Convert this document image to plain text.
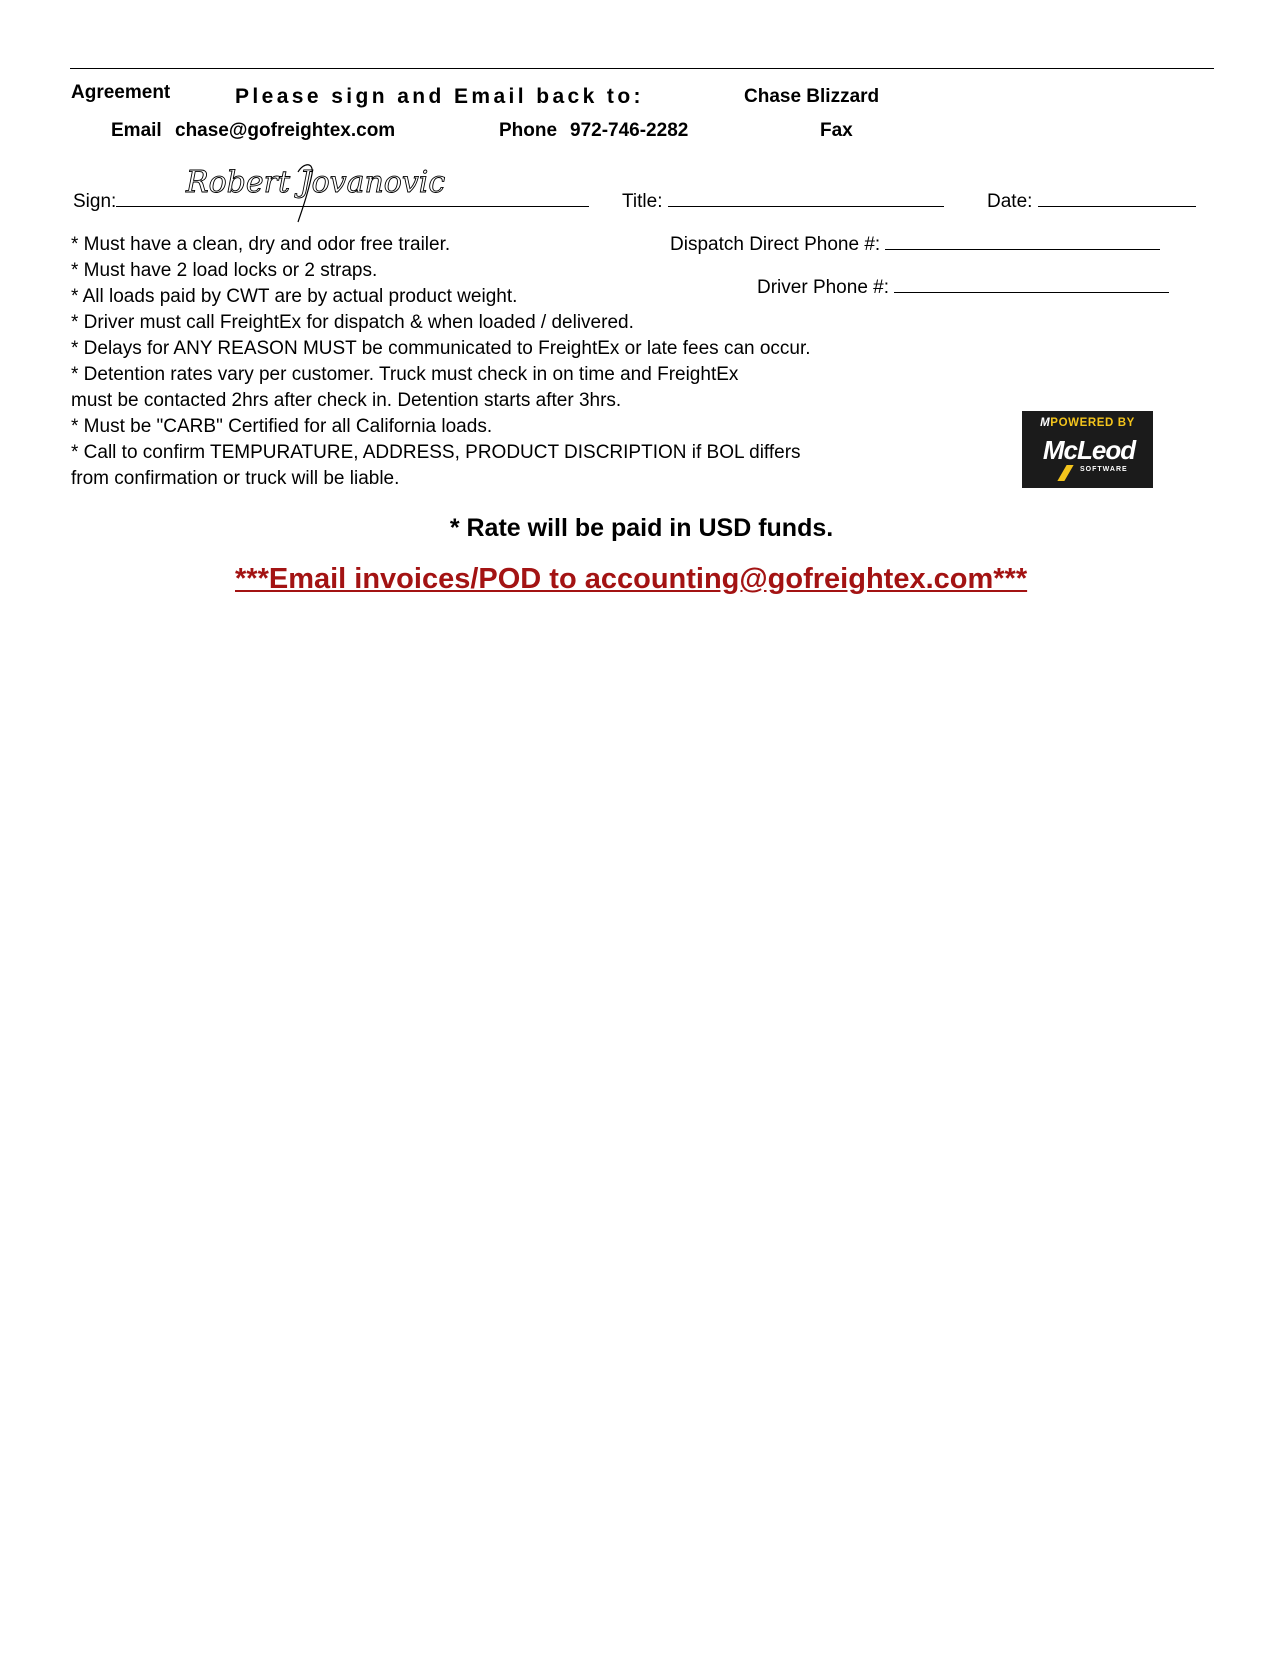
Agreement	Please sign and Email back to:	Chase Blizzard
Email chase@gofreightex.com	Phone 972-746-2282	Fax
Sign:
Robert Jovanovic
Title:	Date:
Dispatch Direct Phone #:
Driver Phone #:
* Must have a clean, dry and odor free trailer.
* Must have 2 load locks or 2 straps.
* All loads paid by CWT are by actual product weight.
* Driver must call FreightEx for dispatch & when loaded / delivered.
* Delays for ANY REASON MUST be communicated to FreightEx or late fees can occur.
* Detention rates vary per customer. Truck must check in on time and FreightEx
must be contacted 2hrs after check in. Detention starts after 3hrs.
* Must be "CARB" Certified for all California loads.
* Call to confirm TEMPURATURE, ADDRESS, PRODUCT DISCRIPTION if BOL differs
from confirmation or truck will be liable.
MPOWERED BY
McLeod
SOFTWARE
* Rate will be paid in USD funds.
***Email invoices/POD to accounting@gofreightex.com***
